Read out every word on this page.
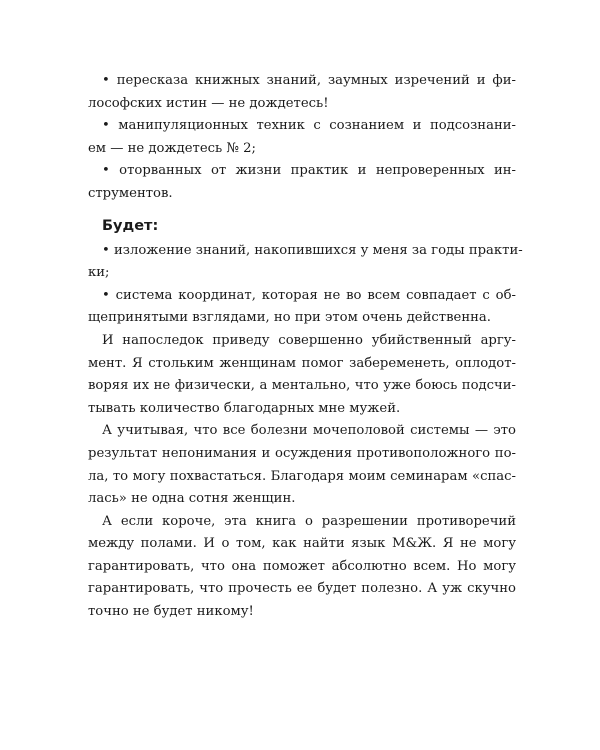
• пересказа книжных знаний, заумных изречений и фи-
лософских истин — не дождетесь!

• манипуляционных техник с сознанием и подсознани-
ем — не дождетесь № 2;

• оторванных от жизни практик и непроверенных ин-
струментов.

Будет:

• изложение знаний, накопившихся у меня за годы практи-
ки;

• система координат, которая не во всем совпадает с об-
щепринятыми взглядами, но при этом очень действенна.

И напоследок приведу совершенно убийственный аргу-
мент. Я стольким женщинам помог забеременеть, оплодот-
воряя их не физически, а ментально, что уже боюсь подсчи-
тывать количество благодарных мне мужей.

А учитывая, что все болезни мочеполовой системы — это
результат непонимания и осуждения противоположного по-
ла, то могу похвастаться. Благодаря моим семинарам «спас-
лась» не одна сотня женщин.

А если короче, эта книга о разрешении противоречий
между полами. И о том, как найти язык М&Ж. Я не могу
гарантировать, что она поможет абсолютно всем. Но могу
гарантировать, что прочесть ее будет полезно. А уж скучно
точно не будет никому!
